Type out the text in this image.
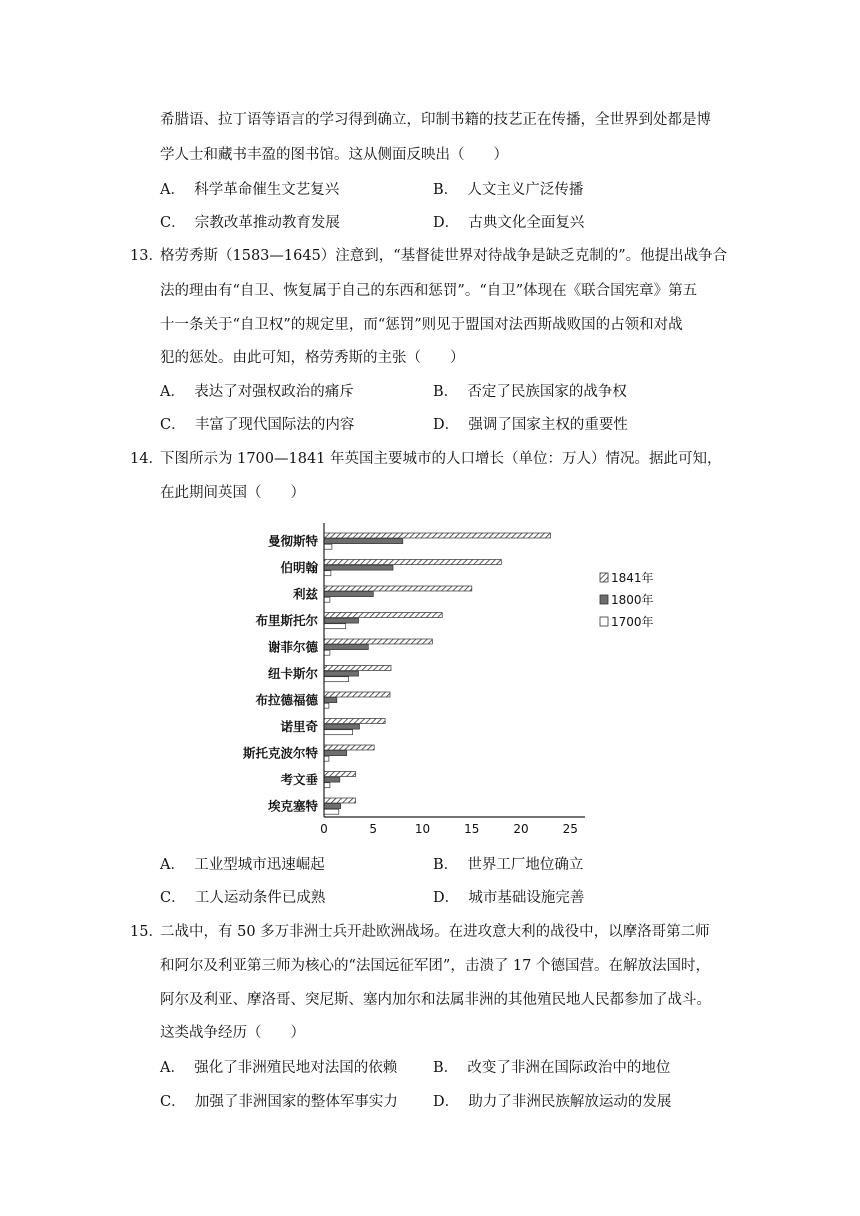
希腊语、拉丁语等语言的学习得到确立，印制书籍的技艺正在传播，全世界到处都是博
学人士和藏书丰盈的图书馆。这从侧面反映出（　　）
A． 科学革命催生文艺复兴	B． 人文主义广泛传播
C． 宗教改革推动教育发展	D． 古典文化全面复兴
13．
格劳秀斯（1583—1645）注意到，“基督徒世界对待战争是缺乏克制的”。他提出战争合
法的理由有“自卫、恢复属于自己的东西和惩罚”。“自卫”体现在《联合国宪章》第五
十一条关于“自卫权”的规定里，而“惩罚”则见于盟国对法西斯战败国的占领和对战
犯的惩处。由此可知，格劳秀斯的主张（　　）
A． 表达了对强权政治的痛斥	B． 否定了民族国家的战争权
C． 丰富了现代国际法的内容	D． 强调了国家主权的重要性
14．
下图所示为 1700—1841 年英国主要城市的人口增长（单位：万人）情况。据此可知，
在此期间英国（　　）
曼彻斯特
伯明翰
利兹
布里斯托尔
谢菲尔德
纽卡斯尔
布拉德福德
诺里奇
斯托克波尔特
考文垂
埃克塞特
0	5	10	15	20	25
1841年
1800年
1700年
A． 工业型城市迅速崛起	B． 世界工厂地位确立
C． 工人运动条件已成熟	D． 城市基础设施完善
15．
二战中，有 50 多万非洲士兵开赴欧洲战场。在进攻意大利的战役中，以摩洛哥第二师
和阿尔及利亚第三师为核心的“法国远征军团”，击溃了 17 个德国营。在解放法国时，
阿尔及利亚、摩洛哥、突尼斯、塞内加尔和法属非洲的其他殖民地人民都参加了战斗。
这类战争经历（　　）
A． 强化了非洲殖民地对法国的依赖 B． 改变了非洲在国际政治中的地位
C． 加强了非洲国家的整体军事实力 D． 助力了非洲民族解放运动的发展
